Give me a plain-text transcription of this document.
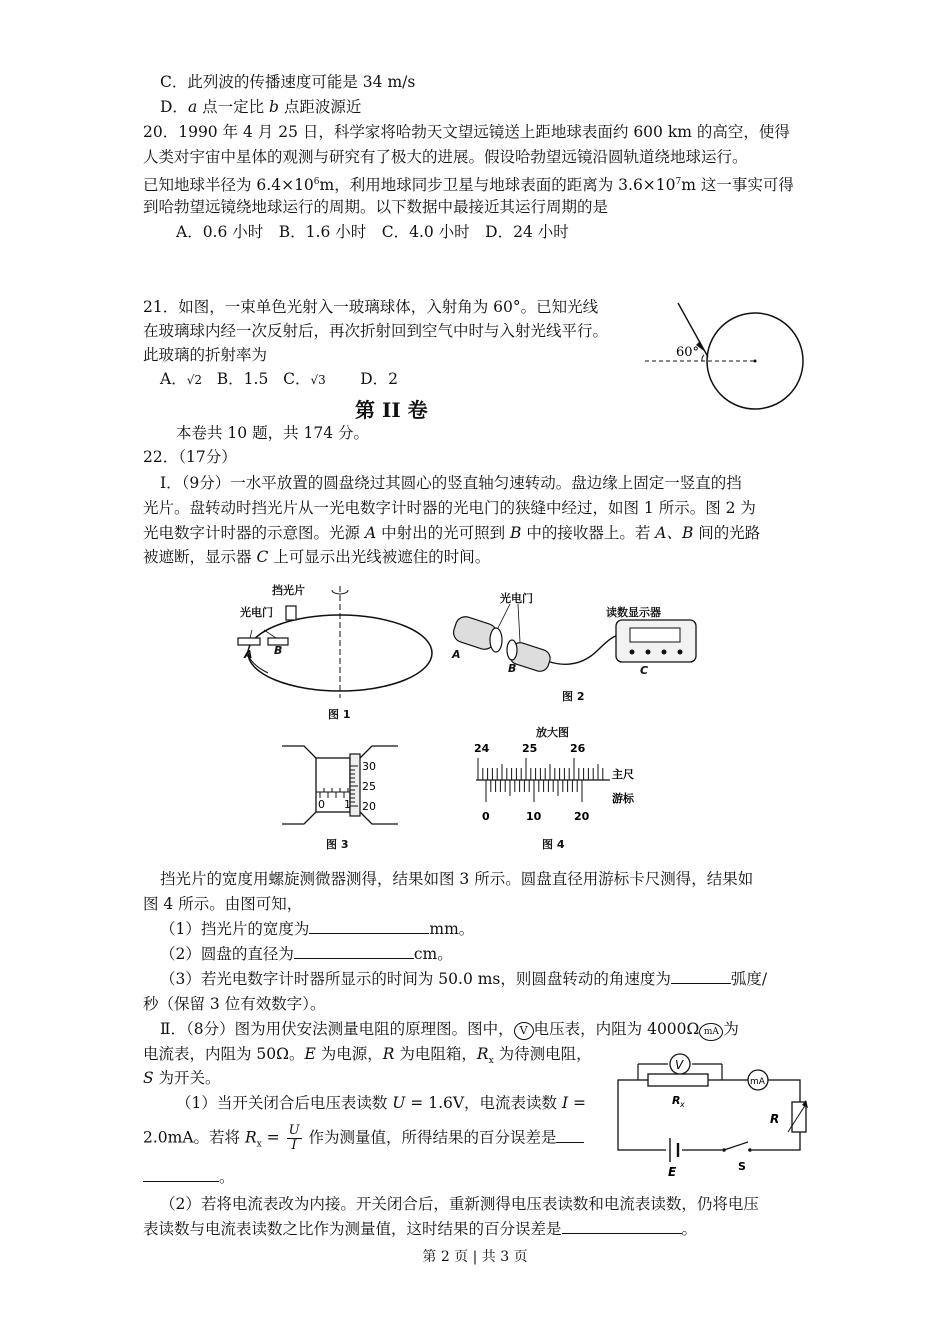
C．此列波的传播速度可能是 34 m/s
D．a 点一定比 b 点距波源近
20．1990 年 4 月 25 日，科学家将哈勃天文望远镜送上距地球表面约 600 km 的高空，使得
人类对宇宙中星体的观测与研究有了极大的进展。假设哈勃望远镜沿圆轨道绕地球运行。
已知地球半径为 $6.4\times 10^6m$，利用地球同步卫星与地球表面的距离为 $3.6\times 10^7m$ 这一事实可得
到哈勃望远镜绕地球运行的周期。以下数据中最接近其运行周期的是
A．0.6 小时　B．1.6 小时　C．4.0 小时　D．24 小时
21．如图，一束单色光射入一玻璃球体，入射角为 60°。已知光线
在玻璃球内经一次反射后，再次折射回到空气中时与入射光线平行。
此玻璃的折射率为
A．√2 B．1.5 C．√3 D．2
60°
第 II 卷
本卷共 10 题，共 174 分。
22．（17分）
I．（9分）一水平放置的圆盘绕过其圆心的竖直轴匀速转动。盘边缘上固定一竖直的挡
光片。盘转动时挡光片从一光电数字计时器的光电门的狭缝中经过，如图 1 所示。图 2 为
光电数字计时器的示意图。光源 A 中射出的光可照到 B 中的接收器上。若 A、B 间的光路
被遮断，显示器 C 上可显示出光线被遮住的时间。
挡光片
光电门
A B
图 1
光电门
读数显示器
A
B	C
图 2
30
25
20
0 1
图 3
放大图
24	25	26
0	10	20
主尺
游标
图 4
挡光片的宽度用螺旋测微器测得，结果如图 3 所示。圆盘直径用游标卡尺测得，结果如
图 4 所示。由图可知，
（1）挡光片的宽度为	mm。
（2）圆盘的直径为	cm。
（3）若光电数字计时器所显示的时间为 50.0 ms，则圆盘转动的角速度为	弧度/
秒（保留 3 位有效数字）。
Ⅱ．（8分）图为用伏安法测量电阻的原理图。图中， V 电压表，内阻为 4000Ω mA 为
电流表，内阻为 50Ω。E 为电源，R 为电阻箱，$R_x$ 为待测电阻，
S 为开关。
（1）当开关闭合后电压表读数 U = 1.6V，电流表读数 I =
2.0mA。若将 $R_x = \frac{U}{I}$ 作为测量值，所得结果的百分误差是
。
（2）若将电流表改为内接。开关闭合后，重新测得电压表读数和电流表读数，仍将电压
表读数与电流表读数之比作为测量值，这时结果的百分误差是	。
V
mA
R
R x
E	S
第 2 页 | 共 3 页
